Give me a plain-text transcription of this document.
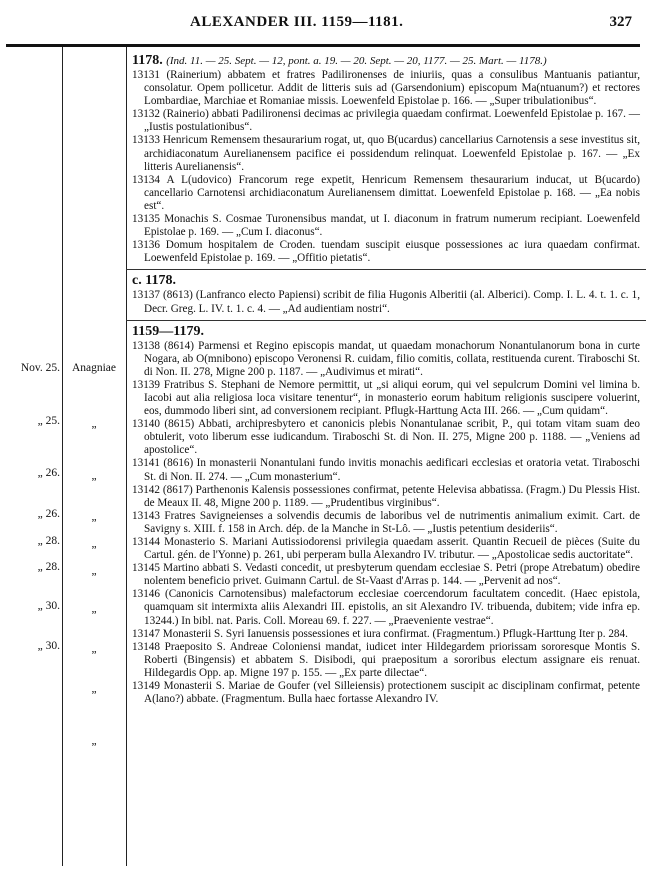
ALEXANDER III. 1159—1181.	327
Nov. 25.
„ 25.
„ 26.
„ 26.
„ 28.
„ 28.
„ 30.
„ 30.
Anagniae
„
„
„
„
„
„
„
„
„
1178. (Ind. 11. — 25. Sept. — 12, pont. a. 19. — 20. Sept. — 20, 1177. — 25. Mart. — 1178.)

13131 (Rainerium) abbatem et fratres Padilironenses de iniuriis, quas a consulibus Mantuanis patiantur, consolatur. Opem pollicetur. Addit de litteris suis ad (Garsendonium) episcopum Ma(ntuanum?) et rectores Lombardiae, Marchiae et Romaniae missis. Loewenfeld Epistolae p. 166. — „Super tribulationibus“.

13132 (Rainerio) abbati Padilironensi decimas ac privilegia quaedam confirmat. Loewenfeld Epistolae p. 167. — „Iustis postulationibus“.

13133 Henricum Remensem thesaurarium rogat, ut, quo B(ucardus) cancellarius Carnotensis a sese investitus sit, archidiaconatum Aurelianensem pacifice ei possidendum relinquat. Loewenfeld Epistolae p. 167. — „Ex litteris Aurelianensis“.

13134 A L(udovico) Francorum rege expetit, Henricum Remensem thesaurarium inducat, ut B(ucardo) cancellario Carnotensi archidiaconatum Aurelianensem dimittat. Loewenfeld Epistolae p. 168. — „Ea nobis est“.

13135 Monachis S. Cosmae Turonensibus mandat, ut I. diaconum in fratrum numerum recipiant. Loewenfeld Epistolae p. 169. — „Cum I. diaconus“.

13136 Domum hospitalem de Croden. tuendam suscipit eiusque possessiones ac iura quaedam confirmat. Loewenfeld Epistolae p. 169. — „Offitio pietatis“.

c. 1178.

13137 (8613) (Lanfranco electo Papiensi) scribit de filia Hugonis Alberitii (al. Alberici). Comp. I. L. 4. t. 1. c. 1, Decr. Greg. L. IV. t. 1. c. 4. — „Ad audientiam nostri“.

1159—1179.

13138 (8614) Parmensi et Regino episcopis mandat, ut quaedam monachorum Nonantulanorum bona in curte Nogara, ab O(mnibono) episcopo Veronensi R. cuidam, filio comitis, collata, restituenda curent. Tiraboschi St. di Non. II. 278, Migne 200 p. 1187. — „Audivimus et mirati“.

13139 Fratribus S. Stephani de Nemore permittit, ut „si aliqui eorum, qui vel sepulcrum Domini vel limina b. Iacobi aut alia religiosa loca visitare tenentur“, in monasterio eorum habitum religionis suscipere voluerint, eos, dummodo liberi sint, ad conversionem recipiant. Pflugk-Harttung Acta III. 266. — „Cum quidam“.

13140 (8615) Abbati, archipresbytero et canonicis plebis Nonantulanae scribit, P., qui totam vitam suam deo obtulerit, voto liberum esse iudicandum. Tiraboschi St. di Non. II. 275, Migne 200 p. 1188. — „Veniens ad apostolice“.

13141 (8616) In monasterii Nonantulani fundo invitis monachis aedificari ecclesias et oratoria vetat. Tiraboschi St. di Non. II. 274. — „Cum monasterium“.

13142 (8617) Parthenonis Kalensis possessiones confirmat, petente Helevisa abbatissa. (Fragm.) Du Plessis Hist. de Meaux II. 48, Migne 200 p. 1189. — „Prudentibus virginibus“.

13143 Fratres Savigneienses a solvendis decumis de laboribus vel de nutrimentis animalium eximit. Cart. de Savigny s. XIII. f. 158 in Arch. dép. de la Manche in St-Lô. — „Iustis petentium desideriis“.

13144 Monasterio S. Mariani Autissiodorensi privilegia quaedam asserit. Quantin Recueil de pièces (Suite du Cartul. gén. de l'Yonne) p. 261, ubi perperam bulla Alexandro IV. tributur. — „Apostolicae sedis auctoritate“.

13145 Martino abbati S. Vedasti concedit, ut presbyterum quendam ecclesiae S. Petri (prope Atrebatum) obedire nolentem beneficio privet. Guimann Cartul. de St-Vaast d'Arras p. 144. — „Pervenit ad nos“.

13146 (Canonicis Carnotensibus) malefactorum ecclesiae coercendorum facultatem concedit. (Haec epistola, quamquam sit intermixta aliis Alexandri III. epistolis, an sit Alexandro IV. tribuenda, dubitem; vide infra ep. 13244.) In bibl. nat. Paris. Coll. Moreau 69. f. 227. — „Praeveniente vestrae“.

13147 Monasterii S. Syri Ianuensis possessiones et iura confirmat. (Fragmentum.) Pflugk-Harttung Iter p. 284.

13148 Praeposito S. Andreae Coloniensi mandat, iudicet inter Hildegardem priorissam sororesque Montis S. Roberti (Bingensis) et abbatem S. Disibodi, qui praepositum a sororibus electum assignare eis renuat. Hildegardis Opp. ap. Migne 197 p. 155. — „Ex parte dilectae“.

13149 Monasterii S. Mariae de Goufer (vel Silleiensis) protectionem suscipit ac disciplinam confirmat, petente A(lano?) abbate. (Fragmentum. Bulla haec fortasse Alexandro IV.
